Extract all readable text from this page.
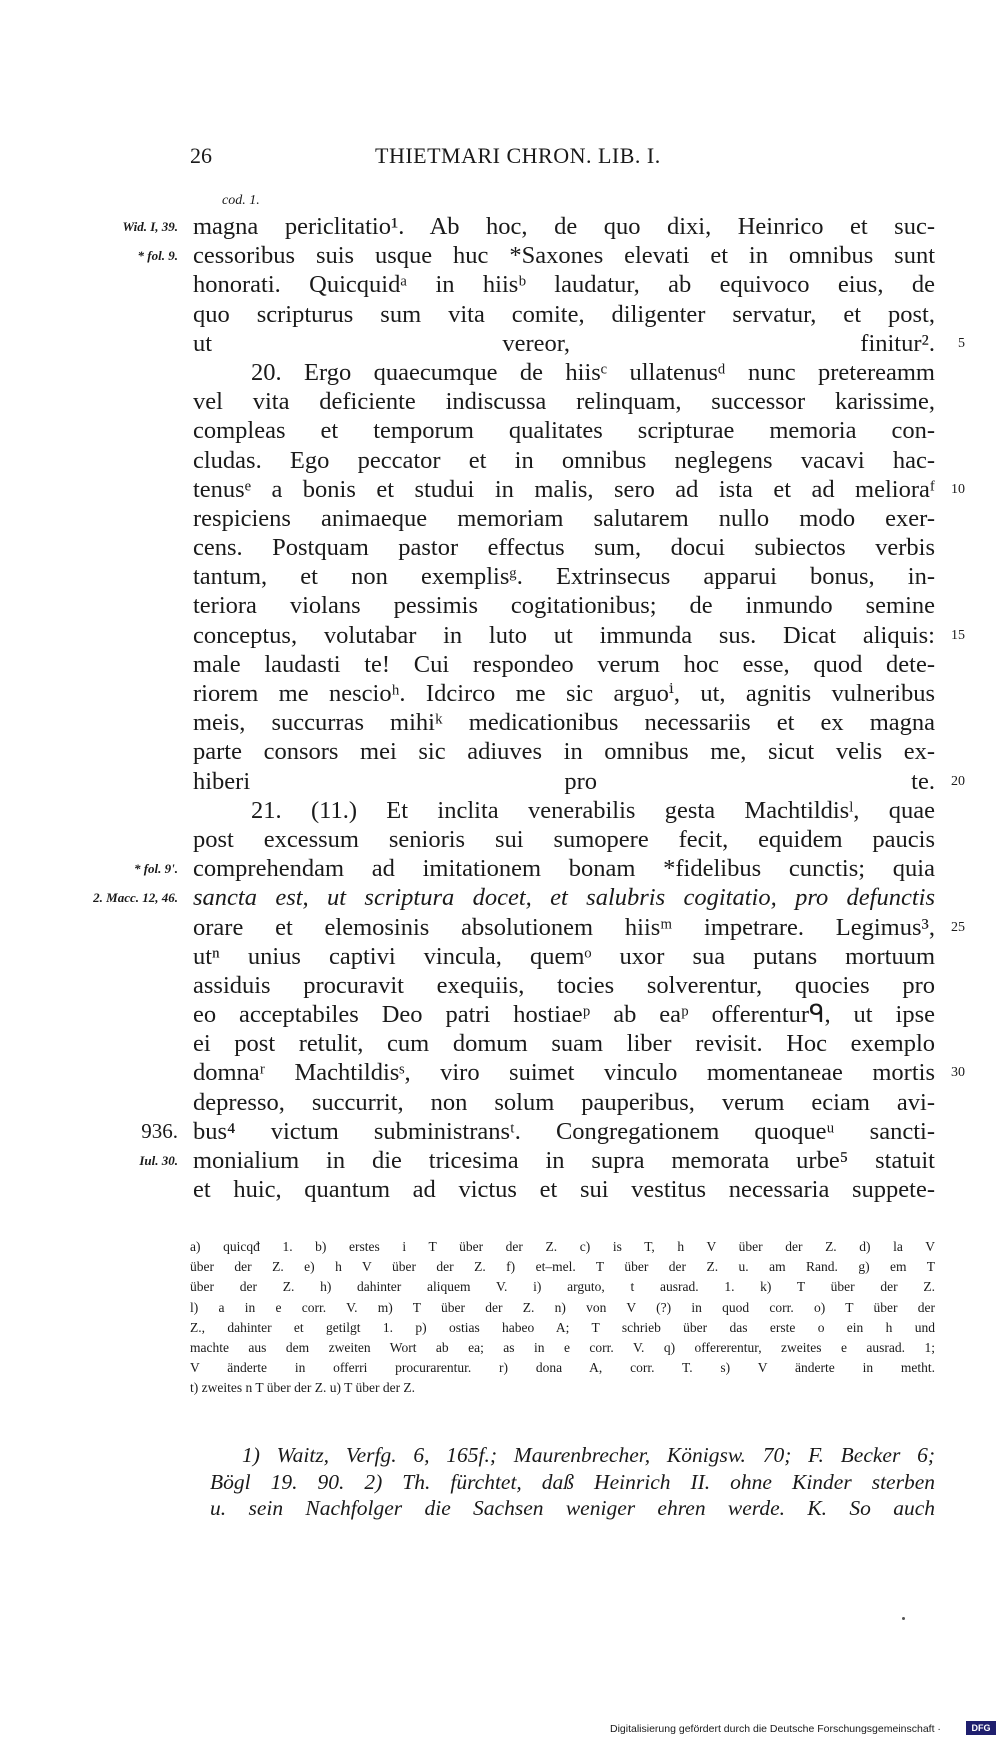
26	THIETMARI CHRON. LIB. I.
cod. 1.
Wid. I, 39. magna periclitatio¹. Ab hoc, de quo dixi, Heinrico et suc-
* fol. 9. cessoribus suis usque huc *Saxones elevati et in omnibus sunt
honorati. Quicquidᵃ in hiisᵇ laudatur, ab equivoco eius, de
quo scripturus sum vita comite, diligenter servatur, et post,
ut vereor, finitur². 5
20. Ergo quaecumque de hiisᶜ ullatenusᵈ nunc pretereamm
vel vita deficiente indiscussa relinquam, successor karissime,
compleas et temporum qualitates scripturae memoria con-
cludas. Ego peccator et in omnibus neglegens vacavi hac-
tenusᵉ a bonis et studui in malis, sero ad ista et ad melioraᶠ 10
respiciens animaeque memoriam salutarem nullo modo exer-
cens. Postquam pastor effectus sum, docui subiectos verbis
tantum, et non exemplisᵍ. Extrinsecus apparui bonus, in-
teriora violans pessimis cogitationibus; de inmundo semine
conceptus, volutabar in luto ut immunda sus. Dicat aliquis: 15
male laudasti te! Cui respondeo verum hoc esse, quod dete-
riorem me nescioʰ. Idcirco me sic arguoⁱ, ut, agnitis vulneribus
meis, succurras mihiᵏ medicationibus necessariis et ex magna
parte consors mei sic adiuves in omnibus me, sicut velis ex-
hiberi pro te. 20
21. (11.) Et inclita venerabilis gesta Machtildisˡ, quae
post excessum senioris sui sumopere fecit, equidem paucis
* fol. 9'. comprehendam ad imitationem bonam *fidelibus cunctis; quia
2. Macc. 12, 46. sancta est, ut scriptura docet, et salubris cogitatio, pro defunctis
orare et elemosinis absolutionem hiisᵐ impetrare. Legimus³, 25
utⁿ unius captivi vincula, quemᵒ uxor sua putans mortuum
assiduis procuravit exequiis, tocies solverentur, quocies pro
eo acceptabiles Deo patri hostiaeᵖ ab eaᵖ offerenturᑫ, ut ipse
ei post retulit, cum domum suam liber revisit. Hoc exemplo
domnaʳ Machtildisˢ, viro suimet vinculo momentaneae mortis 30
depresso, succurrit, non solum pauperibus, verum eciam avi-
936. bus⁴ victum subministransᵗ. Congregationem quoqueᵘ sancti-
Iul. 30. monialium in die tricesima in supra memorata urbe⁵ statuit
et huic, quantum ad victus et sui vestitus necessaria suppete-
a) quicqđ 1. b) erstes i T über der Z. c) is T, h V über der Z. d) la V
über der Z. e) h V über der Z. f) et–mel. T über der Z. u. am Rand. g) em T
über der Z. h) dahinter aliquem V. i) arguto, t ausrad. 1. k) T über der Z.
l) a in e corr. V. m) T über der Z. n) von V (?) in quod corr. o) T über der
Z., dahinter et getilgt 1. p) ostias habeo A; T schrieb über das erste o ein h und
machte aus dem zweiten Wort ab ea; as in e corr. V. q) offererentur, zweites e ausrad. 1;
V änderte in offerri procurarentur. r) dona A, corr. T. s) V änderte in metht.
t) zweites n T über der Z. u) T über der Z.
1) Waitz, Verfg. 6, 165f.; Maurenbrecher, Königsw. 70; F. Becker 6;
Bögl 19. 90. 2) Th. fürchtet, daß Heinrich II. ohne Kinder sterben
u. sein Nachfolger die Sachsen weniger ehren werde. K. So auch
Digitalisierung gefördert durch die Deutsche Forschungsgemeinschaft ·	DFG
